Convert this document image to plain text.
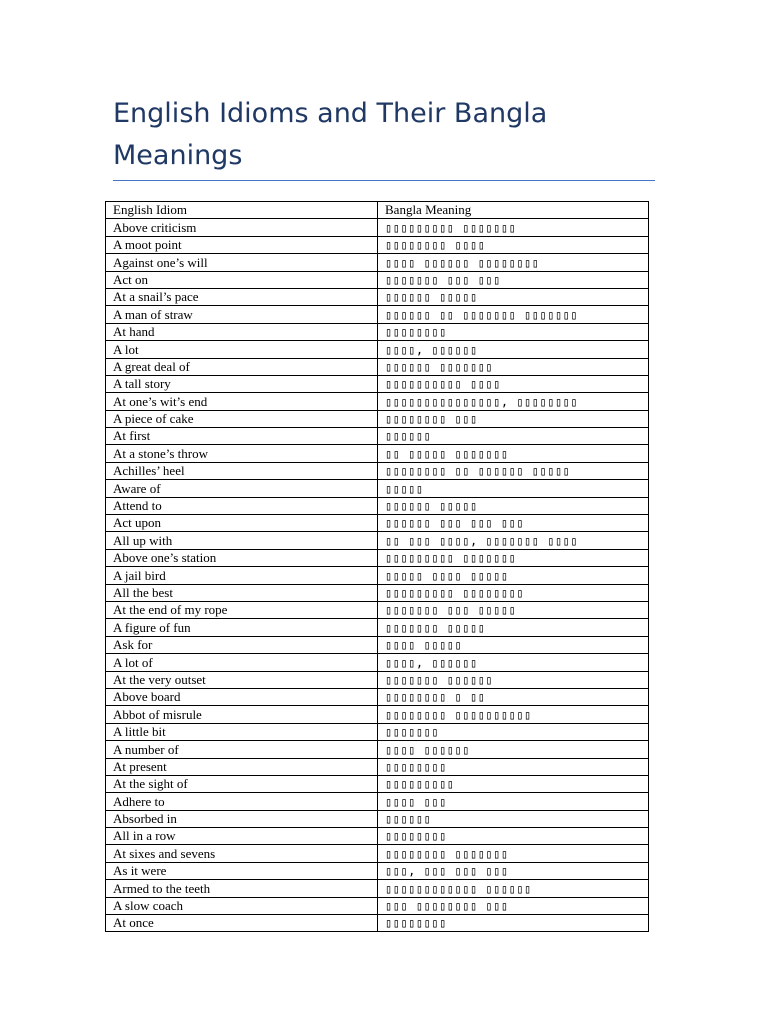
English Idioms and Their Bangla Meanings
English Idiom	Bangla Meaning
Above criticism	▯▯▯▯▯▯▯▯▯ ▯▯▯▯▯▯▯
A moot point	▯▯▯▯▯▯▯▯ ▯▯▯▯
Against one’s will	▯▯▯▯ ▯▯▯▯▯▯ ▯▯▯▯▯▯▯▯
Act on	▯▯▯▯▯▯▯ ▯▯▯ ▯▯▯
At a snail’s pace	▯▯▯▯▯▯ ▯▯▯▯▯
A man of straw	▯▯▯▯▯▯ ▯▯ ▯▯▯▯▯▯▯ ▯▯▯▯▯▯▯
At hand	▯▯▯▯▯▯▯▯
A lot	▯▯▯▯, ▯▯▯▯▯▯
A great deal of	▯▯▯▯▯▯ ▯▯▯▯▯▯▯
A tall story	▯▯▯▯▯▯▯▯▯▯ ▯▯▯▯
At one’s wit’s end	▯▯▯▯▯▯▯▯▯▯▯▯▯▯▯, ▯▯▯▯▯▯▯▯
A piece of cake	▯▯▯▯▯▯▯▯ ▯▯▯
At first	▯▯▯▯▯▯
At a stone’s throw	▯▯ ▯▯▯▯▯ ▯▯▯▯▯▯▯
Achilles’ heel	▯▯▯▯▯▯▯▯ ▯▯ ▯▯▯▯▯▯ ▯▯▯▯▯
Aware of	▯▯▯▯▯
Attend to	▯▯▯▯▯▯ ▯▯▯▯▯
Act upon	▯▯▯▯▯▯ ▯▯▯ ▯▯▯ ▯▯▯
All up with	▯▯ ▯▯▯ ▯▯▯▯, ▯▯▯▯▯▯▯ ▯▯▯▯
Above one’s station	▯▯▯▯▯▯▯▯▯ ▯▯▯▯▯▯▯
A jail bird	▯▯▯▯▯ ▯▯▯▯ ▯▯▯▯▯
All the best	▯▯▯▯▯▯▯▯▯ ▯▯▯▯▯▯▯▯
At the end of my rope	▯▯▯▯▯▯▯ ▯▯▯ ▯▯▯▯▯
A figure of fun	▯▯▯▯▯▯▯ ▯▯▯▯▯
Ask for	▯▯▯▯ ▯▯▯▯▯
A lot of	▯▯▯▯, ▯▯▯▯▯▯
At the very outset	▯▯▯▯▯▯▯ ▯▯▯▯▯▯
Above board	▯▯▯▯▯▯▯▯ ▯ ▯▯
Abbot of misrule	▯▯▯▯▯▯▯▯ ▯▯▯▯▯▯▯▯▯▯
A little bit	▯▯▯▯▯▯▯
A number of	▯▯▯▯ ▯▯▯▯▯▯
At present	▯▯▯▯▯▯▯▯
At the sight of	▯▯▯▯▯▯▯▯▯
Adhere to	▯▯▯▯ ▯▯▯
Absorbed in	▯▯▯▯▯▯
All in a row	▯▯▯▯▯▯▯▯
At sixes and sevens	▯▯▯▯▯▯▯▯ ▯▯▯▯▯▯▯
As it were	▯▯▯, ▯▯▯ ▯▯▯ ▯▯▯
Armed to the teeth	▯▯▯▯▯▯▯▯▯▯▯▯ ▯▯▯▯▯▯
A slow coach	▯▯▯ ▯▯▯▯▯▯▯▯ ▯▯▯
At once	▯▯▯▯▯▯▯▯
